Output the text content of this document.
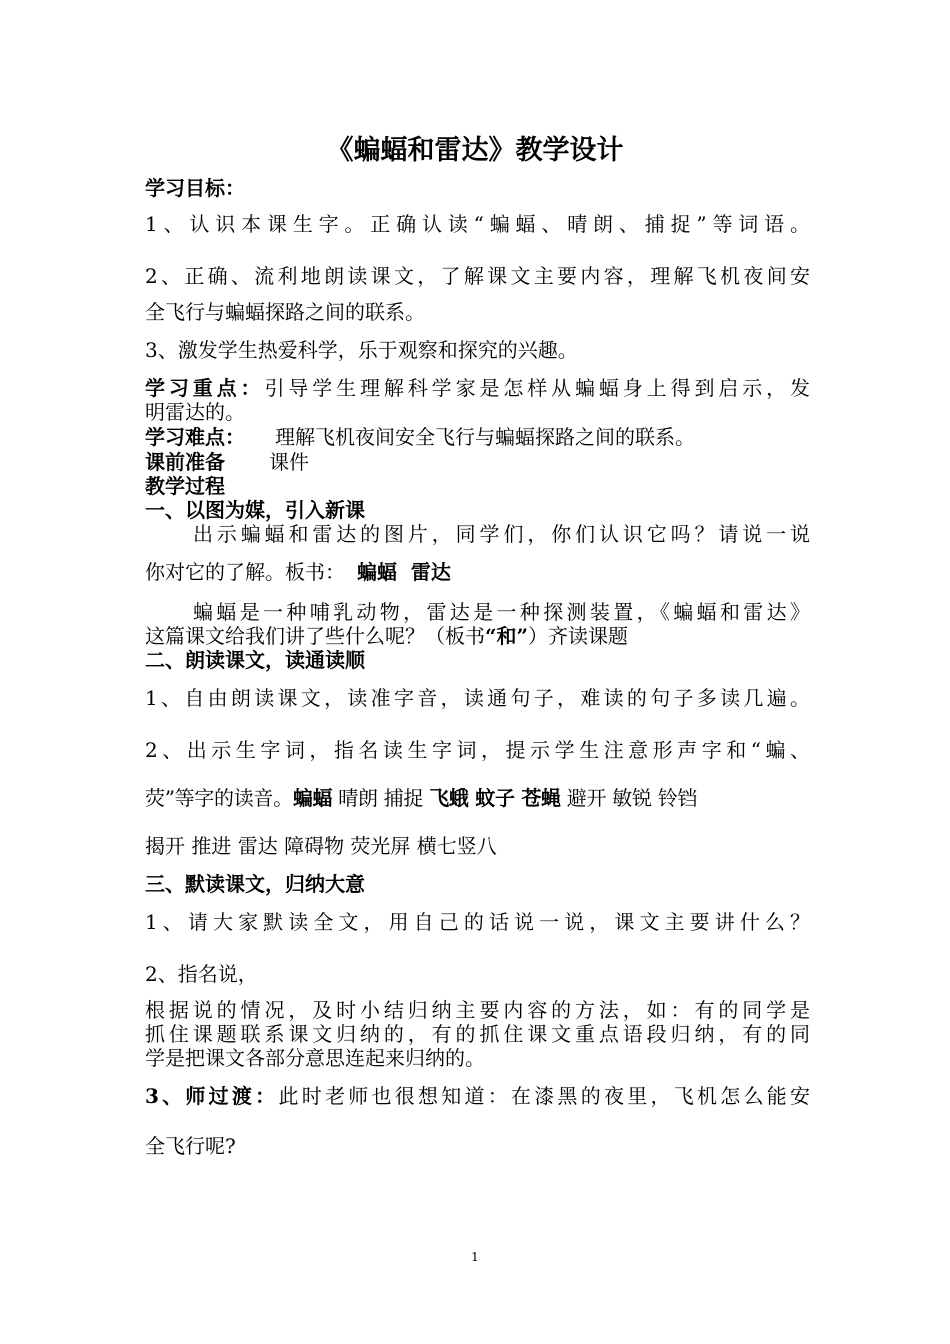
《蝙蝠和雷达》教学设计
学习目标：
1、认识本课生字。正确认读“蝙蝠、晴朗、捕捉”等词语。
2、正确、流利地朗读课文，了解课文主要内容，理解飞机夜间安
全飞行与蝙蝠探路之间的联系。
3、激发学生热爱科学，乐于观察和探究的兴趣。
学习重点：引导学生理解科学家是怎样从蝙蝠身上得到启示，发
明雷达的。
学习难点： 理解飞机夜间安全飞行与蝙蝠探路之间的联系。
课前准备 课件
教学过程
一、以图为媒，引入新课
出示蝙蝠和雷达的图片，同学们，你们认识它吗？请说一说
你对它的了解。板书： 蝙蝠  雷达
蝙蝠是一种哺乳动物，雷达是一种探测装置，《蝙蝠和雷达》
这篇课文给我们讲了些什么呢？（板书“和”）齐读课题
二、朗读课文，读通读顺
1、自由朗读课文，读准字音，读通句子，难读的句子多读几遍。
2、出示生字词，指名读生字词，提示学生注意形声字和“蝙、
荧”等字的读音。蝙蝠 晴朗 捕捉 飞蛾 蚊子 苍蝇 避开 敏锐 铃铛
揭开 推进 雷达 障碍物 荧光屏 横七竖八
三、默读课文，归纳大意
1、请大家默读全文，用自己的话说一说，课文主要讲什么？
2、指名说，
根据说的情况，及时小结归纳主要内容的方法，如：有的同学是
抓住课题联系课文归纳的，有的抓住课文重点语段归纳，有的同
学是把课文各部分意思连起来归纳的。
3、师过渡：此时老师也很想知道：在漆黑的夜里，飞机怎么能安
全飞行呢?
1
